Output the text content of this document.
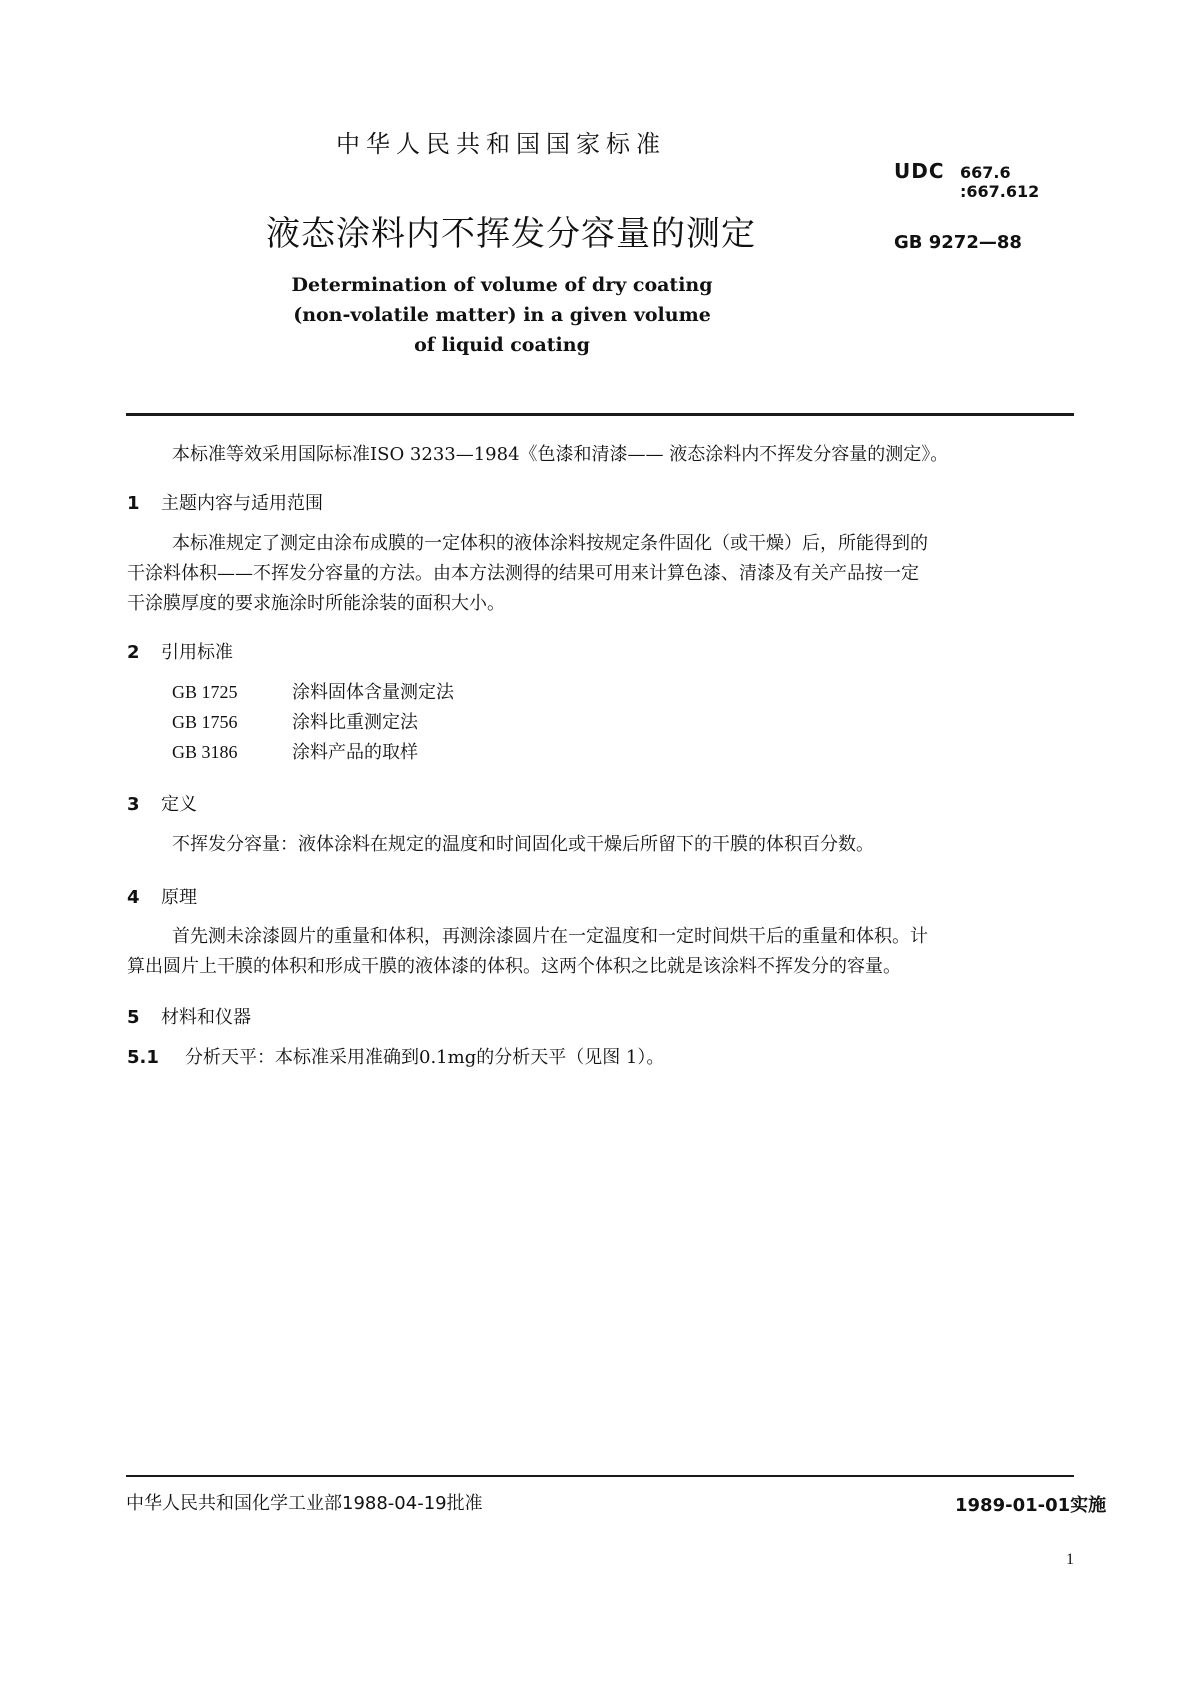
中华人民共和国国家标准
UDC 667.6
:667.612
GB 9272—88
液态涂料内不挥发分容量的测定
Determination of volume of dry coating
(non-volatile matter) in a given volume
of liquid coating
本标准等效采用国际标准ISO 3233—1984《色漆和清漆—— 液态涂料内不挥发分容量的测定》。
1 主题内容与适用范围
本标准规定了测定由涂布成膜的一定体积的液体涂料按规定条件固化（或干燥）后，所能得到的
干涂料体积——不挥发分容量的方法。由本方法测得的结果可用来计算色漆、清漆及有关产品按一定
干涂膜厚度的要求施涂时所能涂装的面积大小。
2 引用标准
GB 1725	涂料固体含量测定法
GB 1756	涂料比重测定法
GB 3186	涂料产品的取样
3 定义
不挥发分容量：液体涂料在规定的温度和时间固化或干燥后所留下的干膜的体积百分数。
4 原理
首先测未涂漆圆片的重量和体积，再测涂漆圆片在一定温度和一定时间烘干后的重量和体积。计
算出圆片上干膜的体积和形成干膜的液体漆的体积。这两个体积之比就是该涂料不挥发分的容量。
5 材料和仪器
5.1 分析天平：本标准采用准确到0.1mg的分析天平（见图 1）。
中华人民共和国化学工业部1988-04-19批准	1989-01-01实施
1
